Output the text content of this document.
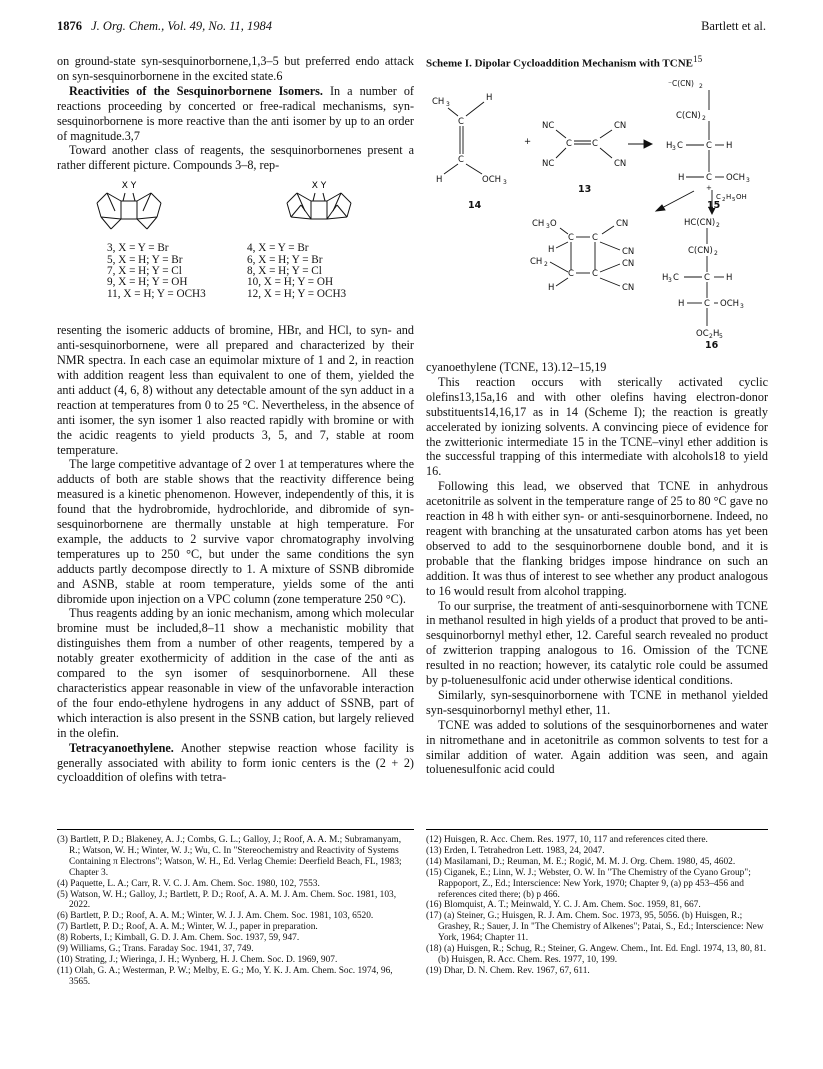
1876 J. Org. Chem., Vol. 49, No. 11, 1984	Bartlett et al.

on ground-state syn-sesquinorbornene,1,3–5 but preferred endo attack on syn-sesquinorbornene in the excited state.6

Reactivities of the Sesquinorbornene Isomers. In a number of reactions proceeding by concerted or free-radical mechanisms, syn-sesquinorbornene is more reactive than the anti isomer by up to an order of magnitude.3,7

Toward another class of reagents, the sesquinorbornenes present a rather different picture. Compounds 3–8, rep-

X Y	X Y
3, X = Y = Br
5, X = H; Y = Br
7, X = H; Y = Cl
9, X = H; Y = OH
11, X = H; Y = OCH3
4, X = Y = Br
6, X = H; Y = Br
8, X = H; Y = Cl
10, X = H; Y = OH
12, X = H; Y = OCH3

resenting the isomeric adducts of bromine, HBr, and HCl, to syn- and anti-sesquinorbornene, were all prepared and characterized by their NMR spectra. In each case an equimolar mixture of 1 and 2, in reaction with addition reagent less than equivalent to one of them, yielded the anti adduct (4, 6, 8) without any detectable amount of the syn adduct in a reaction at temperatures from 0 to 25 °C. Nevertheless, in the absence of anti isomer, the syn isomer 1 also reacted rapidly with bromine or with the acidic reagents to yield products 3, 5, and 7, stable at room temperature.

The large competitive advantage of 2 over 1 at temperatures where the adducts of both are stable shows that the reactivity difference being measured is a kinetic phenomenon. However, independently of this, it is found that the hydrobromide, hydrochloride, and dibromide of syn-sesquinorbornene are thermally unstable at high temperature. For example, the adducts to 2 survive vapor chromatography involving temperatures up to 250 °C, but under the same conditions the syn adducts partly decompose directly to 1. A mixture of SSNB dibromide and ASNB, stable at room temperature, yields some of the anti dibromide upon injection on a VPC column (zone temperature 250 °C).

Thus reagents adding by an ionic mechanism, among which molecular bromine must be included,8–11 show a mechanistic mobility that distinguishes them from a number of other reagents, tempered by a notably greater exothermicity of addition in the case of the anti as compared to the syn isomer of sesquinorbornene. All these characteristics appear reasonable in view of the unfavorable interaction of the four endo-ethylene hydrogens in any adduct of SSNB, part of which interaction is also present in the SSNB cation, but largely relieved in the olefin.

Tetracyanoethylene. Another stepwise reaction whose facility is generally associated with ability to form ionic centers is the (2 + 2) cycloaddition of olefins with tetra-

Scheme I. Dipolar Cycloaddition Mechanism with TCNE$^{15}$
CH 3
H
C
C
H	OCH 3
+
NC	CN
C C
NC	CN
⁻C(CN) 2
C(CN) 2
H 3 C	C H
H	C OCH 3
+
C 2 H 5 OH
HC(CN) 2
C(CN) 2
H 3 C	C H
H C OCH 3
OC 2 H 5
CH 3 O	CN
C C
H	CN
CH 2	CN
C C
H	CN
14
13
15
16

cyanoethylene (TCNE, 13).12–15,19

This reaction occurs with sterically activated cyclic olefins13,15a,16 and with other olefins having electron-donor substituents14,16,17 as in 14 (Scheme I); the reaction is greatly accelerated by ionizing solvents. A convincing piece of evidence for the zwitterionic intermediate 15 in the TCNE–vinyl ether addition is the successful trapping of this intermediate with alcohols18 to yield 16.

Following this lead, we observed that TCNE in anhydrous acetonitrile as solvent in the temperature range of 25 to 80 °C gave no reaction in 48 h with either syn- or anti-sesquinorbornene. Indeed, no reagent with branching at the unsaturated carbon atoms has yet been observed to add to the sesquinorbornene double bond, and it is probable that the flanking bridges impose hindrance on such an addition. It was thus of interest to see whether any product analogous to 16 would result from alcohol trapping.

To our surprise, the treatment of anti-sesquinorbornene with TCNE in methanol resulted in high yields of a product that proved to be anti-sesquinorbornyl methyl ether, 12. Careful search revealed no product of zwitterion trapping analogous to 16. Omission of the TCNE resulted in no reaction; however, its catalytic role could be assumed by p-toluenesulfonic acid under otherwise identical conditions.

Similarly, syn-sesquinorbornene with TCNE in methanol yielded syn-sesquinorbornyl methyl ether, 11.

TCNE was added to solutions of the sesquinorbornenes and water in nitromethane and in acetonitrile as common solvents to test for a similar addition of water. Again addition was seen, and again toluenesulfonic acid could

(3) Bartlett, P. D.; Blakeney, A. J.; Combs, G. L.; Galloy, J.; Roof, A. A. M.; Subramanyam, R.; Watson, W. H.; Winter, W. J.; Wu, C. In "Stereochemistry and Reactivity of Systems Containing π Electrons"; Watson, W. H., Ed. Verlag Chemie: Deerfield Beach, FL, 1983; Chapter 3.

(4) Paquette, L. A.; Carr, R. V. C. J. Am. Chem. Soc. 1980, 102, 7553.

(5) Watson, W. H.; Galloy, J.; Bartlett, P. D.; Roof, A. A. M. J. Am. Chem. Soc. 1981, 103, 2022.

(6) Bartlett, P. D.; Roof, A. A. M.; Winter, W. J. J. Am. Chem. Soc. 1981, 103, 6520.

(7) Bartlett, P. D.; Roof, A. A. M.; Winter, W. J., paper in preparation.

(8) Roberts, I.; Kimball, G. D. J. Am. Chem. Soc. 1937, 59, 947.

(9) Williams, G.; Trans. Faraday Soc. 1941, 37, 749.

(10) Strating, J.; Wieringa, J. H.; Wynberg, H. J. Chem. Soc. D. 1969, 907.

(11) Olah, G. A.; Westerman, P. W.; Melby, E. G.; Mo, Y. K. J. Am. Chem. Soc. 1974, 96, 3565.

(12) Huisgen, R. Acc. Chem. Res. 1977, 10, 117 and references cited there.

(13) Erden, I. Tetrahedron Lett. 1983, 24, 2047.

(14) Masilamani, D.; Reuman, M. E.; Rogić, M. M. J. Org. Chem. 1980, 45, 4602.

(15) Ciganek, E.; Linn, W. J.; Webster, O. W. In "The Chemistry of the Cyano Group"; Rappoport, Z., Ed.; Interscience: New York, 1970; Chapter 9, (a) pp 453–456 and references cited there; (b) p 466.

(16) Blomquist, A. T.; Meinwald, Y. C. J. Am. Chem. Soc. 1959, 81, 667.

(17) (a) Steiner, G.; Huisgen, R. J. Am. Chem. Soc. 1973, 95, 5056. (b) Huisgen, R.; Grashey, R.; Sauer, J. In "The Chemistry of Alkenes"; Patai, S., Ed.; Interscience: New York, 1964; Chapter 11.

(18) (a) Huisgen, R.; Schug, R.; Steiner, G. Angew. Chem., Int. Ed. Engl. 1974, 13, 80, 81. (b) Huisgen, R. Acc. Chem. Res. 1977, 10, 199.

(19) Dhar, D. N. Chem. Rev. 1967, 67, 611.
